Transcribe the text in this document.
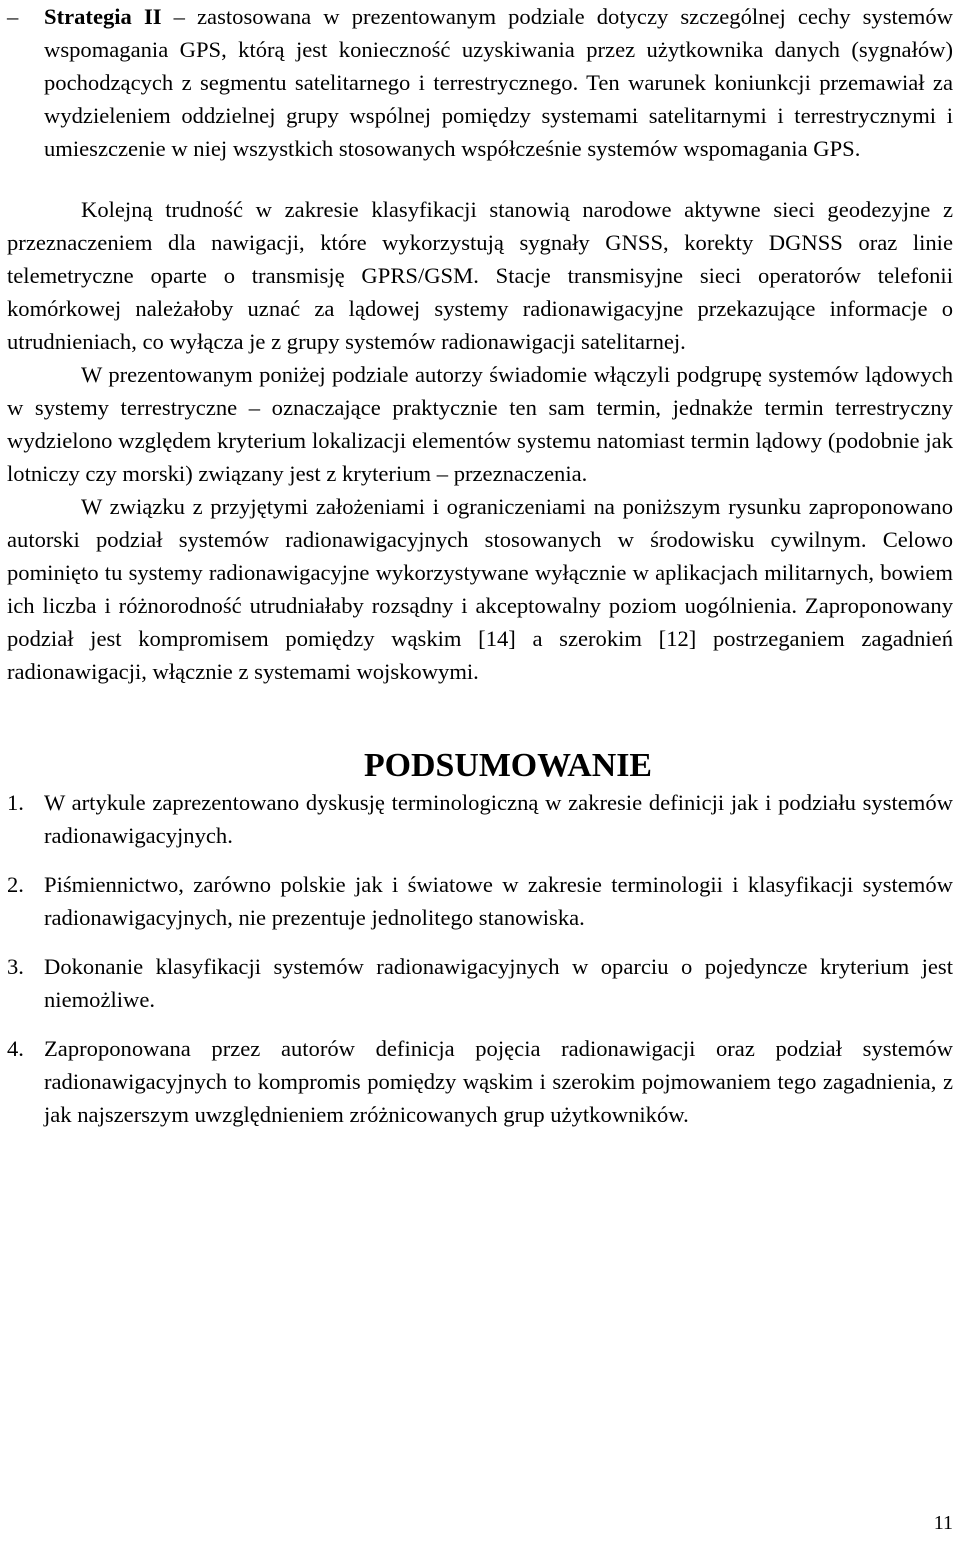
– Strategia II – zastosowana w prezentowanym podziale dotyczy szczególnej cechy systemów wspomagania GPS, którą jest konieczność uzyskiwania przez użytkownika danych (sygnałów) pochodzących z segmentu satelitarnego i terrestrycznego. Ten warunek koniunkcji przemawiał za wydzieleniem oddzielnej grupy wspólnej pomiędzy systemami satelitarnymi i terrestrycznymi i umieszczenie w niej wszystkich stosowanych współcześnie systemów wspomagania GPS.

Kolejną trudność w zakresie klasyfikacji stanowią narodowe aktywne sieci geodezyjne z przeznaczeniem dla nawigacji, które wykorzystują sygnały GNSS, korekty DGNSS oraz linie telemetryczne oparte o transmisję GPRS/GSM. Stacje transmisyjne sieci operatorów telefonii komórkowej należałoby uznać za lądowej systemy radionawigacyjne przekazujące informacje o utrudnieniach, co wyłącza je z grupy systemów radionawigacji satelitarnej.

W prezentowanym poniżej podziale autorzy świadomie włączyli podgrupę systemów lądowych w systemy terrestryczne – oznaczające praktycznie ten sam termin, jednakże termin terrestryczny wydzielono względem kryterium lokalizacji elementów systemu natomiast termin lądowy (podobnie jak lotniczy czy morski) związany jest z kryterium – przeznaczenia.

W związku z przyjętymi założeniami i ograniczeniami na poniższym rysunku zaproponowano autorski podział systemów radionawigacyjnych stosowanych w środowisku cywilnym. Celowo pominięto tu systemy radionawigacyjne wykorzystywane wyłącznie w aplikacjach militarnych, bowiem ich liczba i różnorodność utrudniałaby rozsądny i akceptowalny poziom uogólnienia. Zaproponowany podział jest kompromisem pomiędzy wąskim [14] a szerokim [12] postrzeganiem zagadnień radionawigacji, włącznie z systemami wojskowymi.

PODSUMOWANIE
1. W artykule zaprezentowano dyskusję terminologiczną w zakresie definicji jak i podziału systemów radionawigacyjnych.

2. Piśmiennictwo, zarówno polskie jak i światowe w zakresie terminologii i klasyfikacji systemów radionawigacyjnych, nie prezentuje jednolitego stanowiska.

3. Dokonanie klasyfikacji systemów radionawigacyjnych w oparciu o pojedyncze kryterium jest niemożliwe.

4. Zaproponowana przez autorów definicja pojęcia radionawigacji oraz podział systemów radionawigacyjnych to kompromis pomiędzy wąskim i szerokim pojmowaniem tego zagadnienia, z jak najszerszym uwzględnieniem zróżnicowanych grup użytkowników.

11
